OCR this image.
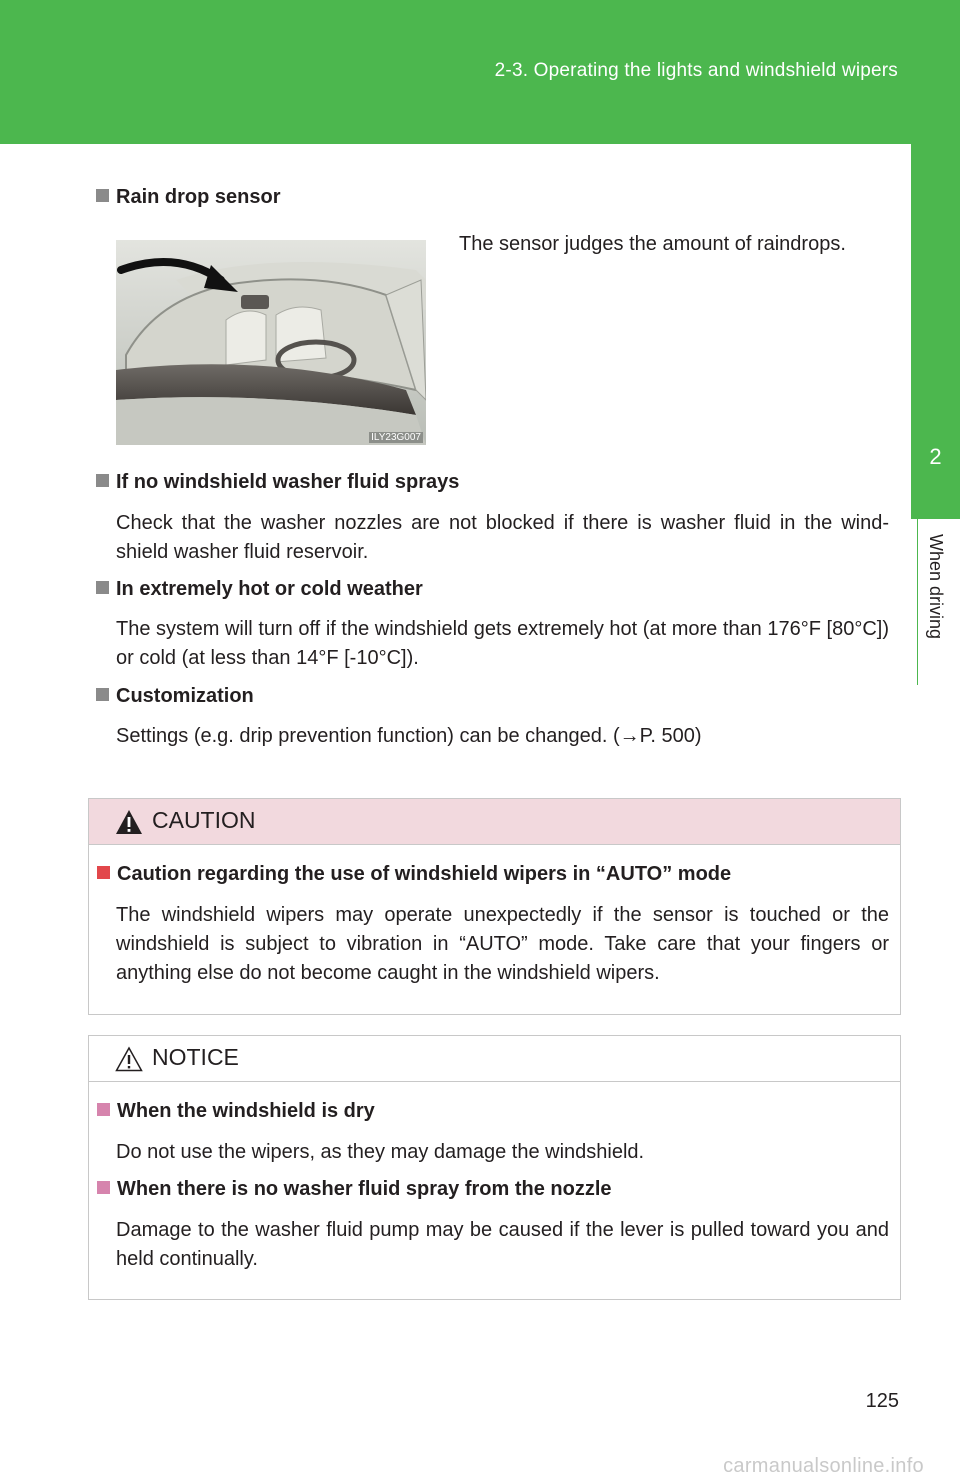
2-3. Operating the lights and windshield wipers
2
When driving
Rain drop sensor
ILY23G007
The sensor judges the amount of raindrops.
If no windshield washer fluid sprays
Check that the washer nozzles are not blocked if there is washer fluid in the wind-shield washer fluid reservoir.
In extremely hot or cold weather
The system will turn off if the windshield gets extremely hot (at more than 176°F [80°C]) or cold (at less than 14°F [-10°C]).
Customization
Settings (e.g. drip prevention function) can be changed. (→P. 500)
CAUTION
Caution regarding the use of windshield wipers in “AUTO” mode
The windshield wipers may operate unexpectedly if the sensor is touched or the windshield is subject to vibration in “AUTO” mode. Take care that your fingers or anything else do not become caught in the windshield wipers.
NOTICE
When the windshield is dry
Do not use the wipers, as they may damage the windshield.
When there is no washer fluid spray from the nozzle
Damage to the washer fluid pump may be caused if the lever is pulled toward you and held continually.
125
carmanualsonline.info
